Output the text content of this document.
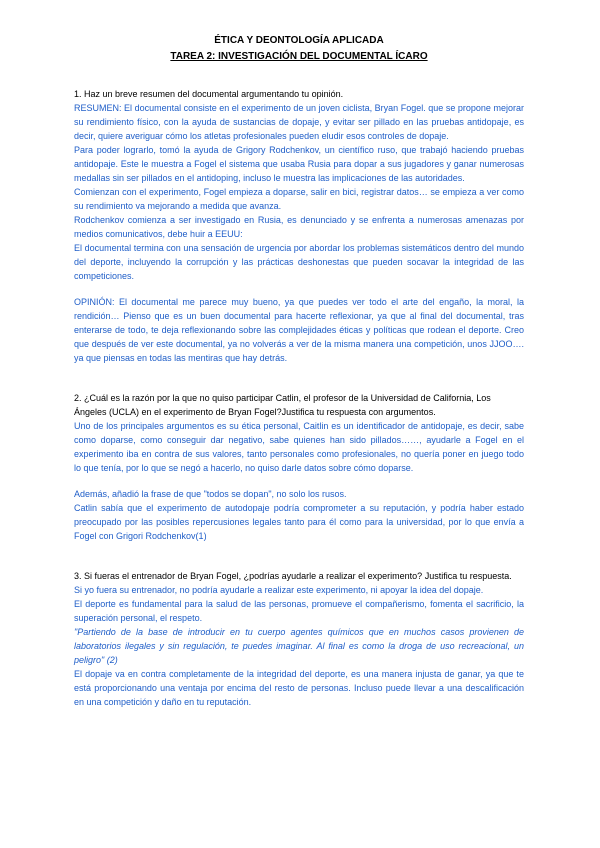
ÉTICA Y DEONTOLOGÍA APLICADA
TAREA 2: INVESTIGACIÓN DEL DOCUMENTAL ÍCARO

1. Haz un breve resumen del documental argumentando tu opinión.

RESUMEN: El documental consiste en el experimento de un joven ciclista, Bryan Fogel. que se propone mejorar su rendimiento físico, con la ayuda de sustancias de dopaje, y evitar ser pillado en las pruebas antidopaje, es decir, quiere averiguar cómo los atletas profesionales pueden eludir esos controles de dopaje.

Para poder lograrlo, tomó la ayuda de Grigory Rodchenkov, un científico ruso, que trabajó haciendo pruebas antidopaje. Este le muestra a Fogel el sistema que usaba Rusia para dopar a sus jugadores y ganar numerosas medallas sin ser pillados en el antidoping, incluso le muestra las implicaciones de las autoridades.

Comienzan con el experimento, Fogel empieza a doparse, salir en bici, registrar datos… se empieza a ver como su rendimiento va mejorando a medida que avanza.

Rodchenkov comienza a ser investigado en Rusia, es denunciado y se enfrenta a numerosas amenazas por medios comunicativos, debe huir a EEUU:

El documental termina con una sensación de urgencia por abordar los problemas sistemáticos dentro del mundo del deporte, incluyendo la corrupción y las prácticas deshonestas que pueden socavar la integridad de las competiciones.

OPINIÓN: El documental me parece muy bueno, ya que puedes ver todo el arte del engaño, la moral, la rendición… Pienso que es un buen documental para hacerte reflexionar, ya que al final del documental, tras enterarse de todo, te deja reflexionando sobre las complejidades éticas y políticas que rodean el deporte. Creo que después de ver este documental, ya no volverás a ver de la misma manera una competición, unos JJOO…. ya que piensas en todas las mentiras que hay detrás.

2. ¿Cuál es la razón por la que no quiso participar Catlin, el profesor de la Universidad de California, Los Ángeles (UCLA) en el experimento de Bryan Fogel?Justifica tu respuesta con argumentos.

Uno de los principales argumentos es su ética personal, Caitlin es un identificador de antidopaje, es decir, sabe como doparse, como conseguir dar negativo, sabe quienes han sido pillados……, ayudarle a Fogel en el experimento iba en contra de sus valores, tanto personales como profesionales, no quería poner en juego todo lo que tenía, por lo que se negó a hacerlo, no quiso darle datos sobre cómo doparse.

Además, añadió la frase de que "todos se dopan", no solo los rusos.

Catlin sabía que el experimento de autodopaje podría comprometer a su reputación, y podría haber estado preocupado por las posibles repercusiones legales tanto para él como para la universidad, por lo que envía a Fogel con Grigori Rodchenkov(1)

3. Si fueras el entrenador de Bryan Fogel, ¿podrías ayudarle a realizar el experimento? Justifica tu respuesta.

Si yo fuera su entrenador, no podría ayudarle a realizar este experimento, ni apoyar la idea del dopaje.

El deporte es fundamental para la salud de las personas, promueve el compañerismo, fomenta el sacrificio, la superación personal, el respeto.

"Partiendo de la base de introducir en tu cuerpo agentes químicos que en muchos casos provienen de laboratorios ilegales y sin regulación, te puedes imaginar. Al final es como la droga de uso recreacional, un peligro" (2)

El dopaje va en contra completamente de la integridad del deporte, es una manera injusta de ganar, ya que te está proporcionando una ventaja por encima del resto de personas. Incluso puede llevar a una descalificación en una competición y daño en tu reputación.
